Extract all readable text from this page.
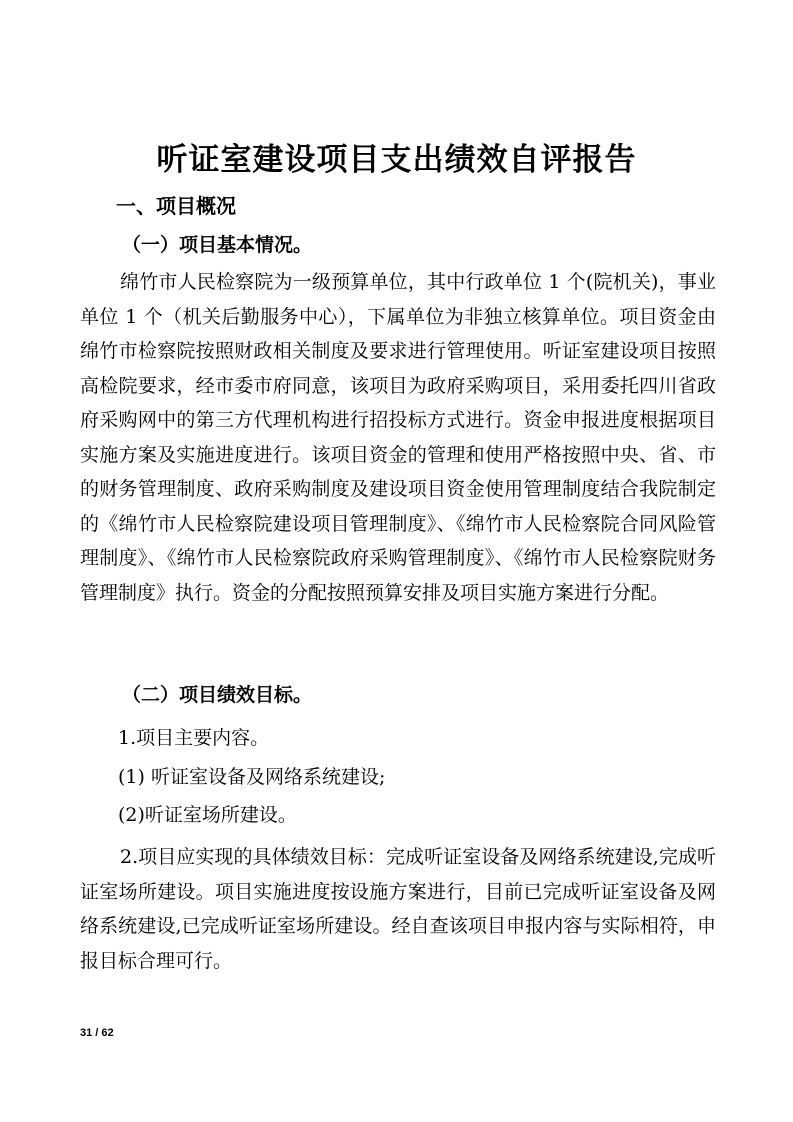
听证室建设项目支出绩效自评报告
一、项目概况
（一）项目基本情况。

绵竹市人民检察院为一级预算单位，其中行政单位 1 个(院机关)，事业单位 1 个（机关后勤服务中心），下属单位为非独立核算单位。项目资金由绵竹市检察院按照财政相关制度及要求进行管理使用。听证室建设项目按照高检院要求，经市委市府同意，该项目为政府采购项目，采用委托四川省政府采购网中的第三方代理机构进行招投标方式进行。资金申报进度根据项目实施方案及实施进度进行。该项目资金的管理和使用严格按照中央、省、市的财务管理制度、政府采购制度及建设项目资金使用管理制度结合我院制定的《绵竹市人民检察院建设项目管理制度》、《绵竹市人民检察院合同风险管理制度》、《绵竹市人民检察院政府采购管理制度》、《绵竹市人民检察院财务管理制度》执行。资金的分配按照预算安排及项目实施方案进行分配。

（二）项目绩效目标。
1.项目主要内容。
(1) 听证室设备及网络系统建设;
(2)听证室场所建设。

2.项目应实现的具体绩效目标：完成听证室设备及网络系统建设,完成听证室场所建设。项目实施进度按设施方案进行，目前已完成听证室设备及网络系统建设,已完成听证室场所建设。经自查该项目申报内容与实际相符，申报目标合理可行。

31 / 62
